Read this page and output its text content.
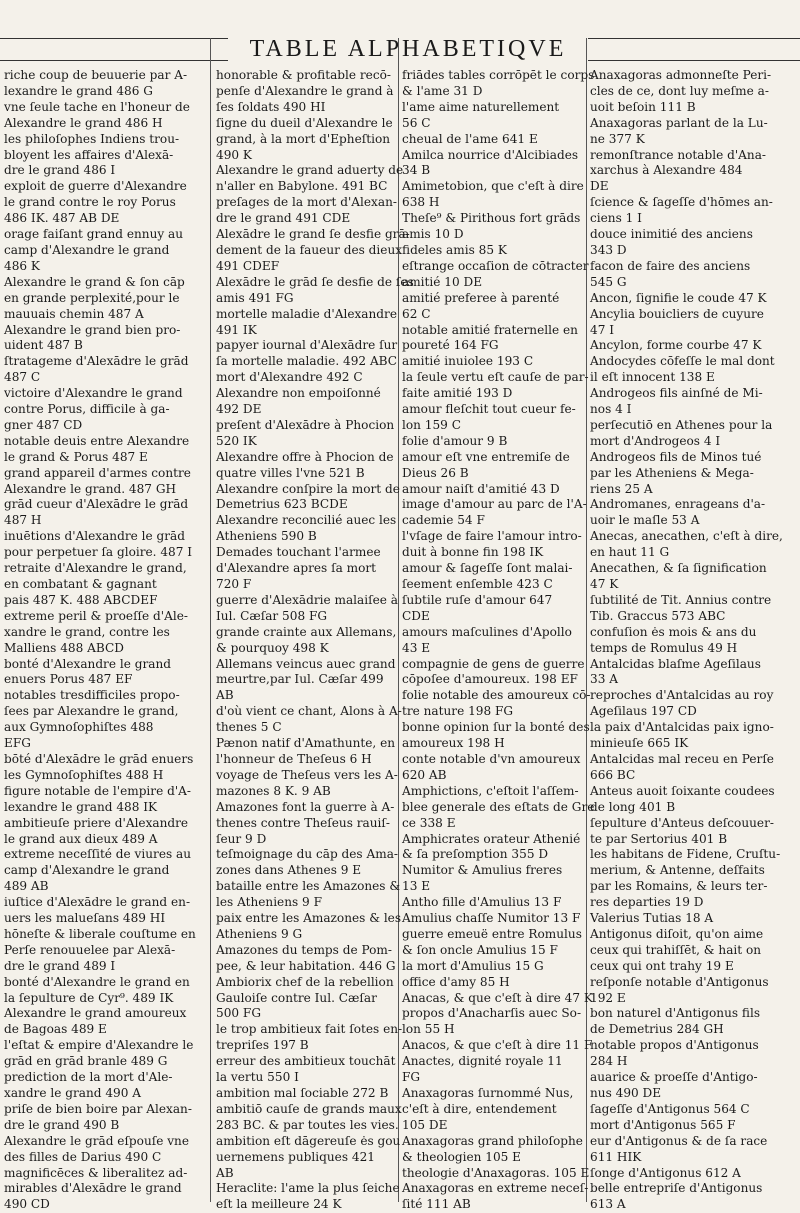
TABLE ALPHABETIQVE
riche coup de beuuerie par A-
lexandre le grand 486 G
vne ſeule tache en l'honeur de
Alexandre le grand 486 H
les philoſophes Indiens trou-
bloyent les affaires d'Alexā-
dre le grand 486 I
exploit de guerre d'Alexandre
le grand contre le roy Porus
486 IK. 487 AB DE
orage faiſant grand ennuy au
camp d'Alexandre le grand
486 K
Alexandre le grand & ſon cāp
en grande perplexité,pour le
mauuais chemin 487 A
Alexandre le grand bien pro-
uident 487 B
ſtratageme d'Alexādre le grād
487 C
victoire d'Alexandre le grand
contre Porus, difficile à ga-
gner 487 CD
notable deuis entre Alexandre
le grand & Porus 487 E
grand appareil d'armes contre
Alexandre le grand. 487 GH
grād cueur d'Alexādre le grād
487 H
inuētions d'Alexandre le grād
pour perpetuer ſa gloire. 487 I
retraite d'Alexandre le grand,
en combatant & gagnant
pais 487 K. 488 ABCDEF
extreme peril & proeſſe d'Ale-
xandre le grand, contre les
Malliens 488 ABCD
bonté d'Alexandre le grand
enuers Porus 487 EF
notables tresdifficiles propo-
ſees par Alexandre le grand,
aux Gymnoſophiſtes 488
EFG
bōté d'Alexādre le grād enuers
les Gymnoſophiſtes 488 H
figure notable de l'empire d'A-
lexandre le grand 488 IK
ambitieuſe priere d'Alexandre
le grand aux dieux 489 A
extreme neceſſité de viures au
camp d'Alexandre le grand
489 AB
iuſtice d'Alexādre le grand en-
uers les malueſans 489 HI
hōneſte & liberale couſtume en
Perſe renouuelee par Alexā-
dre le grand 489 I
bonté d'Alexandre le grand en
la ſepulture de Cyr⁹. 489 IK
Alexandre le grand amoureux
de Bagoas 489 E
l'eſtat & empire d'Alexandre le
grād en grād branle 489 G
prediction de la mort d'Ale-
xandre le grand 490 A
priſe de bien boire par Alexan-
dre le grand 490 B
Alexandre le grād eſpouſe vne
des filles de Darius 490 C
magnificēces & liberalitez ad-
mirables d'Alexādre le grand
490 CD
honorable & profitable recō-
penſe d'Alexandre le grand à
ſes ſoldats 490 HI
ſigne du dueil d'Alexandre le
grand, à la mort d'Epheſtion
490 K
Alexandre le grand aduerty de
n'aller en Babylone. 491 BC
preſages de la mort d'Alexan-
dre le grand 491 CDE
Alexādre le grand ſe desfie grā-
dement de la faueur des dieux
491 CDEF
Alexādre le grād ſe desfie de ſes
amis 491 FG
mortelle maladie d'Alexandre
491 IK
papyer iournal d'Alexādre ſur
ſa mortelle maladie. 492 ABC
mort d'Alexandre 492 C
Alexandre non empoiſonné
492 DE
preſent d'Alexādre à Phocion
520 IK
Alexandre offre à Phocion de
quatre villes l'vne 521 B
Alexandre conſpire la mort de
Demetrius 623 BCDE
Alexandre reconcilié auec les
Atheniens 590 B
Demades touchant l'armee
d'Alexandre apres ſa mort
720 F
guerre d'Alexādrie malaiſee à
Iul. Cæſar 508 FG
grande crainte aux Allemans,
& pourquoy 498 K
Allemans veincus auec grand
meurtre,par Iul. Cæſar 499
AB
d'où vient ce chant, Alons à A-
thenes 5 C
Pænon natif d'Amathunte, en
l'honneur de Theſeus 6 H
voyage de Theſeus vers les A-
mazones 8 K. 9 AB
Amazones font la guerre à A-
thenes contre Theſeus rauiſ-
ſeur 9 D
teſmoignage du cāp des Ama-
zones dans Athenes 9 E
bataille entre les Amazones &
les Atheniens 9 F
paix entre les Amazones & les
Atheniens 9 G
Amazones du temps de Pom-
pee, & leur habitation. 446 G
Ambiorix chef de la rebellion
Gauloiſe contre Iul. Cæſar
500 FG
le trop ambitieux fait ſotes en-
trepriſes 197 B
erreur des ambitieux touchāt
la vertu 550 I
ambition mal ſociable 272 B
ambitiō cauſe de grands maux
283 BC. & par toutes les vies.
ambition eſt dāgereuſe ės gou
uernemens publiques 421
AB
Heraclite: l'ame la plus ſeiche
eſt la meilleure 24 K
friādes tables corrōpēt le corps
& l'ame 31 D
l'ame aime naturellement
56 C
cheual de l'ame 641 E
Amilca nourrice d'Alcibiades
34 B
Amimetobion, que c'eſt à dire
638 H
Theſe⁹ & Pirithous fort grāds
amis 10 D
fideles amis 85 K
eſtrange occaſion de cōtracter
amitié 10 DE
amitié preferee à parenté
62 C
notable amitié fraternelle en
poureté 164 FG
amitié inuiolee 193 C
la ſeule vertu eſt cauſe de par-
faite amitié 193 D
amour fleſchit tout cueur fe-
lon 159 C
folie d'amour 9 B
amour eſt vne entremiſe de
Dieus 26 B
amour naiſt d'amitié 43 D
image d'amour au parc de l'A-
cademie 54 F
l'vſage de faire l'amour intro-
duit à bonne fin 198 IK
amour & ſageſſe ſont malai-
ſeement enſemble 423 C
ſubtile ruſe d'amour 647
CDE
amours maſculines d'Apollo
43 E
compagnie de gens de guerre
cōpoſee d'amoureux. 198 EF
folie notable des amoureux cō-
tre nature 198 FG
bonne opinion ſur la bonté des
amoureux 198 H
conte notable d'vn amoureux
620 AB
Amphictions, c'eſtoit l'aſſem-
blee generale des eſtats de Gre
ce 338 E
Amphicrates orateur Athenié
& ſa preſomption 355 D
Numitor & Amulius freres
13 E
Antho fille d'Amulius 13 F
Amulius chaſſe Numitor 13 F
guerre emeuë entre Romulus
& ſon oncle Amulius 15 F
la mort d'Amulius 15 G
office d'amy 85 H
Anacas, & que c'eſt à dire 47 K
propos d'Anacharſis auec So-
lon 55 H
Anacos, & que c'eſt à dire 11 F
Anactes, dignité royale 11
FG
Anaxagoras ſurnommé Nus,
c'eſt à dire, entendement
105 DE
Anaxagoras grand philoſophe
& theologien 105 E
theologie d'Anaxagoras. 105 E
Anaxagoras en extreme neceſ-
ſité 111 AB
Anaxagoras admonneſte Peri-
cles de ce, dont luy meſme a-
uoit beſoin 111 B
Anaxagoras parlant de la Lu-
ne 377 K
remonſtrance notable d'Ana-
xarchus à Alexandre 484
DE
ſcience & ſageſſe d'hōmes an-
ciens 1 I
douce inimitié des anciens
343 D
facon de faire des anciens
545 G
Ancon, ſignifie le coude 47 K
Ancylia bouicliers de cuyure
47 I
Ancylon, forme courbe 47 K
Andocydes cōfeſſe le mal dont
il eſt innocent 138 E
Androgeos fils ainſné de Mi-
nos 4 I
perſecutiō en Athenes pour la
mort d'Androgeos 4 I
Androgeos fils de Minos tué
par les Atheniens & Mega-
riens 25 A
Andromanes, enrageans d'a-
uoir le maſle 53 A
Anecas, anecathen, c'eſt à dire,
en haut 11 G
Anecathen, & ſa ſignification
47 K
ſubtilité de Tit. Annius contre
Tib. Graccus 573 ABC
confuſion ės mois & ans du
temps de Romulus 49 H
Antalcidas blaſme Ageſilaus
33 A
reproches d'Antalcidas au roy
Ageſilaus 197 CD
la paix d'Antalcidas paix igno-
minieuſe 665 IK
Antalcidas mal receu en Perſe
666 BC
Anteus auoit ſoixante coudees
de long 401 B
ſepulture d'Anteus deſcouuer-
te par Sertorius 401 B
les habitans de Fidene, Cruſtu-
merium, & Antenne, deſfaits
par les Romains, & leurs ter-
res departies 19 D
Valerius Tutias 18 A
Antigonus diſoit, qu'on aime
ceux qui trahiſſēt, & hait on
ceux qui ont trahy 19 E
reſponſe notable d'Antigonus
192 E
bon naturel d'Antigonus fils
de Demetrius 284 GH
notable propos d'Antigonus
284 H
auarice & proeſſe d'Antigo-
nus 490 DE
ſageſſe d'Antigonus 564 C
mort d'Antigonus 565 F
eur d'Antigonus & de ſa race
611 HIK
ſonge d'Antigonus 612 A
belle entrepriſe d'Antigonus
613 A
